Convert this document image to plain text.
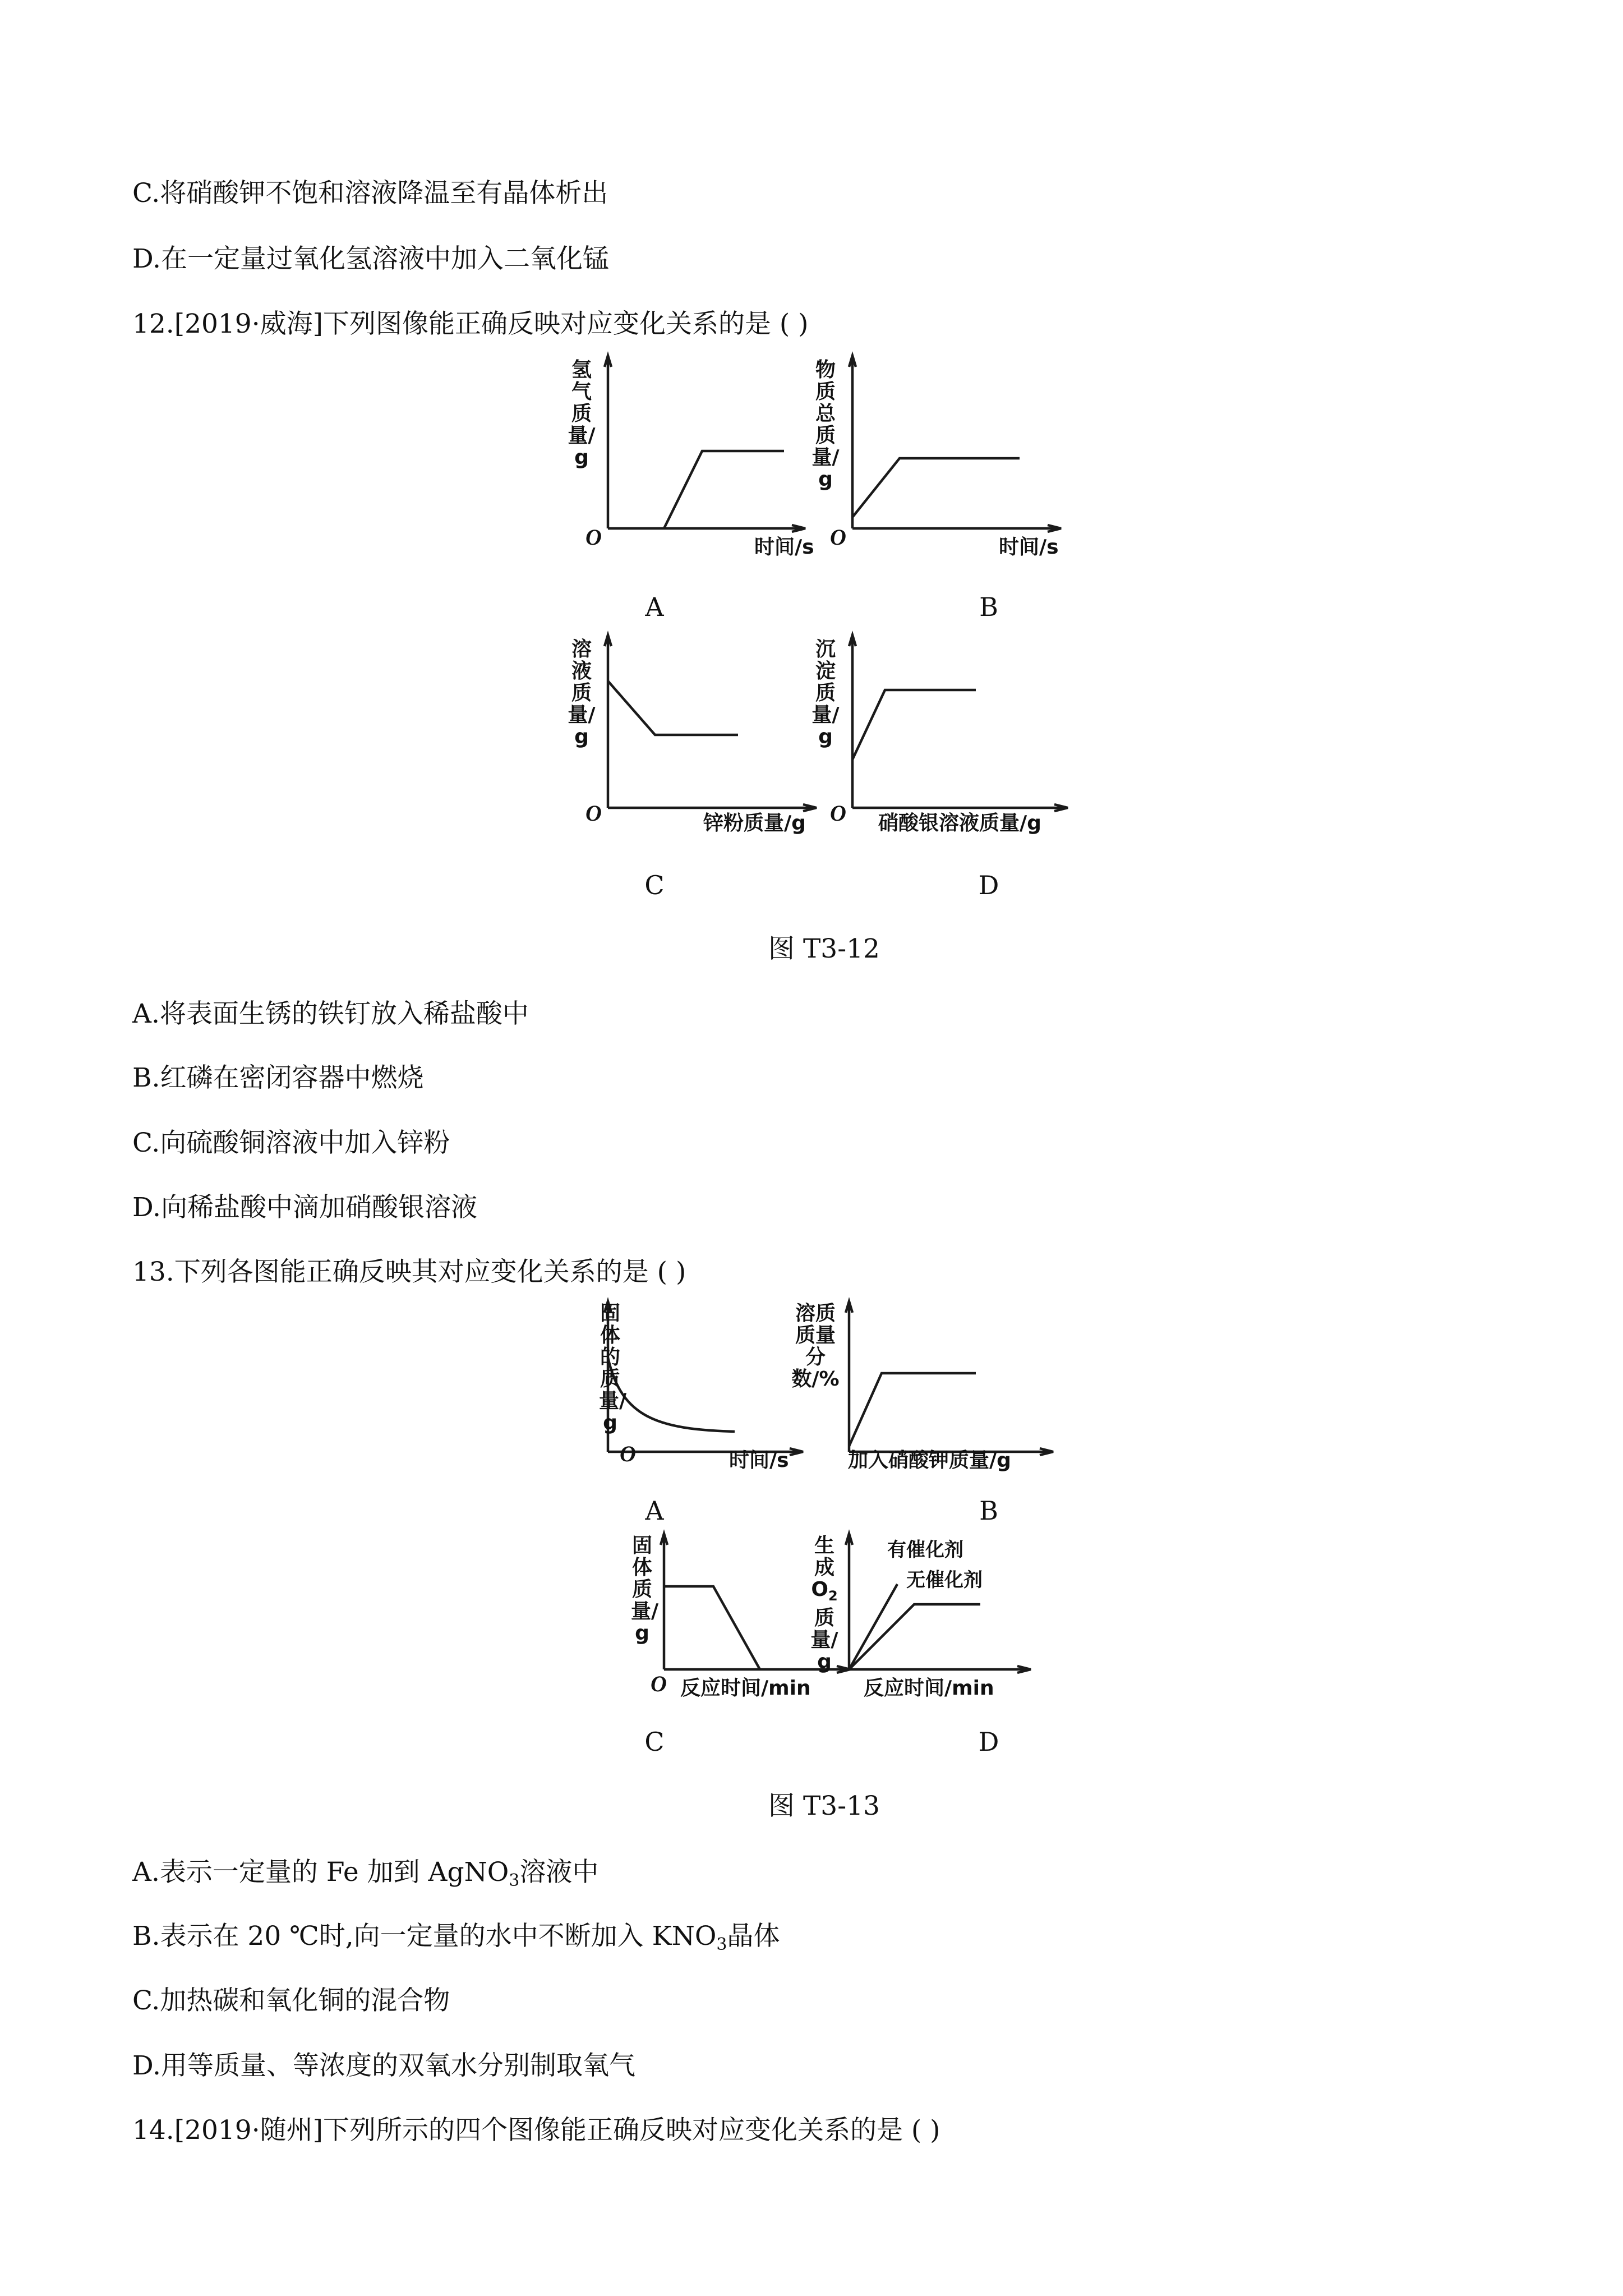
C.将硝酸钾不饱和溶液降温至有晶体析出
D.在一定量过氧化氢溶液中加入二氧化锰
12.[2019·威海]下列图像能正确反映对应变化关系的是 ( )
氢气质量/g
O	时间/s
A
物质总质量/g
O	时间/s
B
溶液质量/g
O	锌粉质量/g
C
沉淀质量/g
O 硝酸银溶液质量/g
D
图 T3-12
A.将表面生锈的铁钉放入稀盐酸中
B.红磷在密闭容器中燃烧
C.向硫酸铜溶液中加入锌粉
D.向稀盐酸中滴加硝酸银溶液
13.下列各图能正确反映其对应变化关系的是 ( )
固体的质量/g
O	时间/s
A
溶质质量分数/%
加入硝酸钾质量/g
B
固体质量/g
O 反应时间/min
C
生成$O_2$质量/g
有催化剂
无催化剂
反应时间/min
D
图 T3-13
A.表示一定量的 Fe 加到 AgNO$_3$溶液中
B.表示在 20 ℃时,向一定量的水中不断加入 $KNO_3$晶体
C.加热碳和氧化铜的混合物
D.用等质量、等浓度的双氧水分别制取氧气
14.[2019·随州]下列所示的四个图像能正确反映对应变化关系的是 ( )
